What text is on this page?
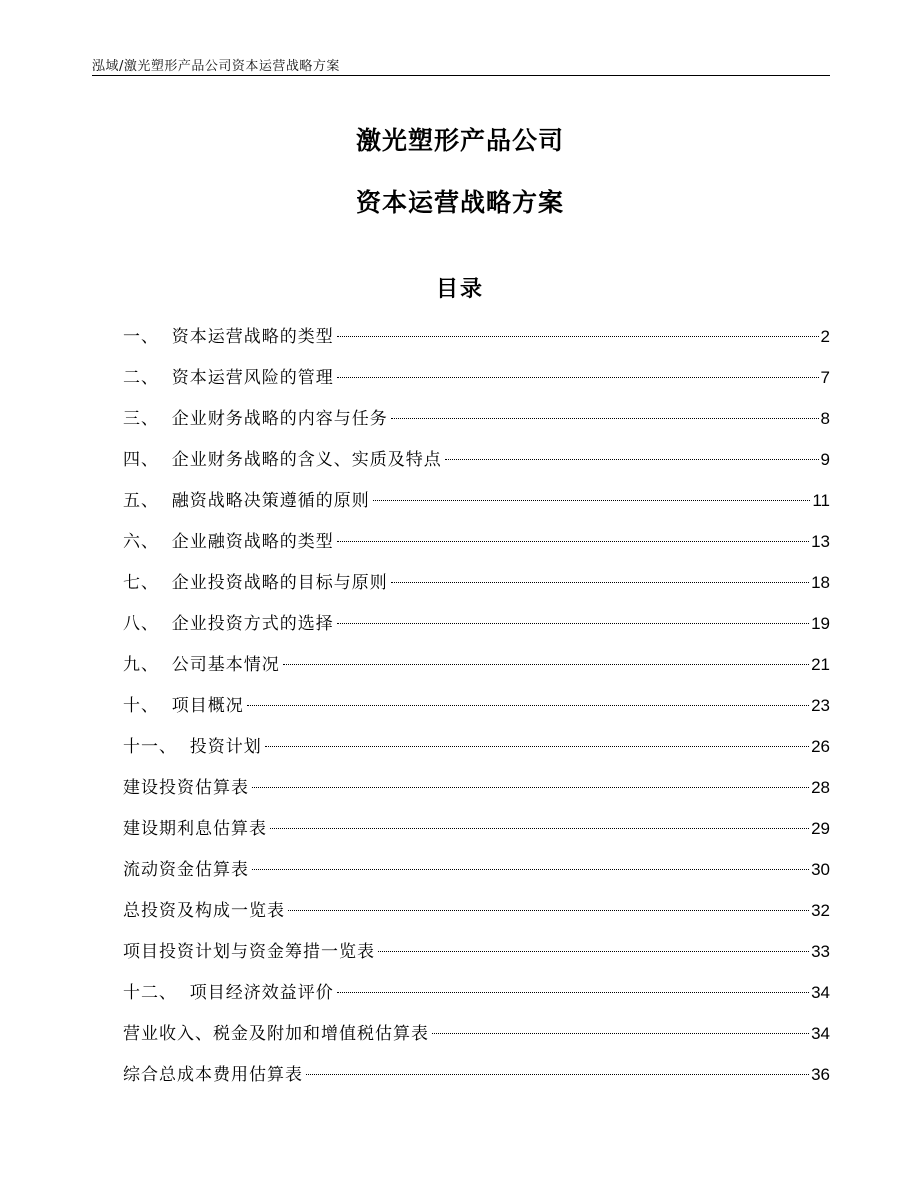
泓域/激光塑形产品公司资本运营战略方案
激光塑形产品公司
资本运营战略方案
目录
一、  资本运营战略的类型	2
二、  资本运营风险的管理	7
三、  企业财务战略的内容与任务	8
四、  企业财务战略的含义、实质及特点	9
五、  融资战略决策遵循的原则	11
六、  企业融资战略的类型	13
七、  企业投资战略的目标与原则	18
八、  企业投资方式的选择	19
九、  公司基本情况	21
十、  项目概况	23
十一、  投资计划	26
建设投资估算表	28
建设期利息估算表	29
流动资金估算表	30
总投资及构成一览表	32
项目投资计划与资金筹措一览表	33
十二、  项目经济效益评价	34
营业收入、税金及附加和增值税估算表	34
综合总成本费用估算表	36
